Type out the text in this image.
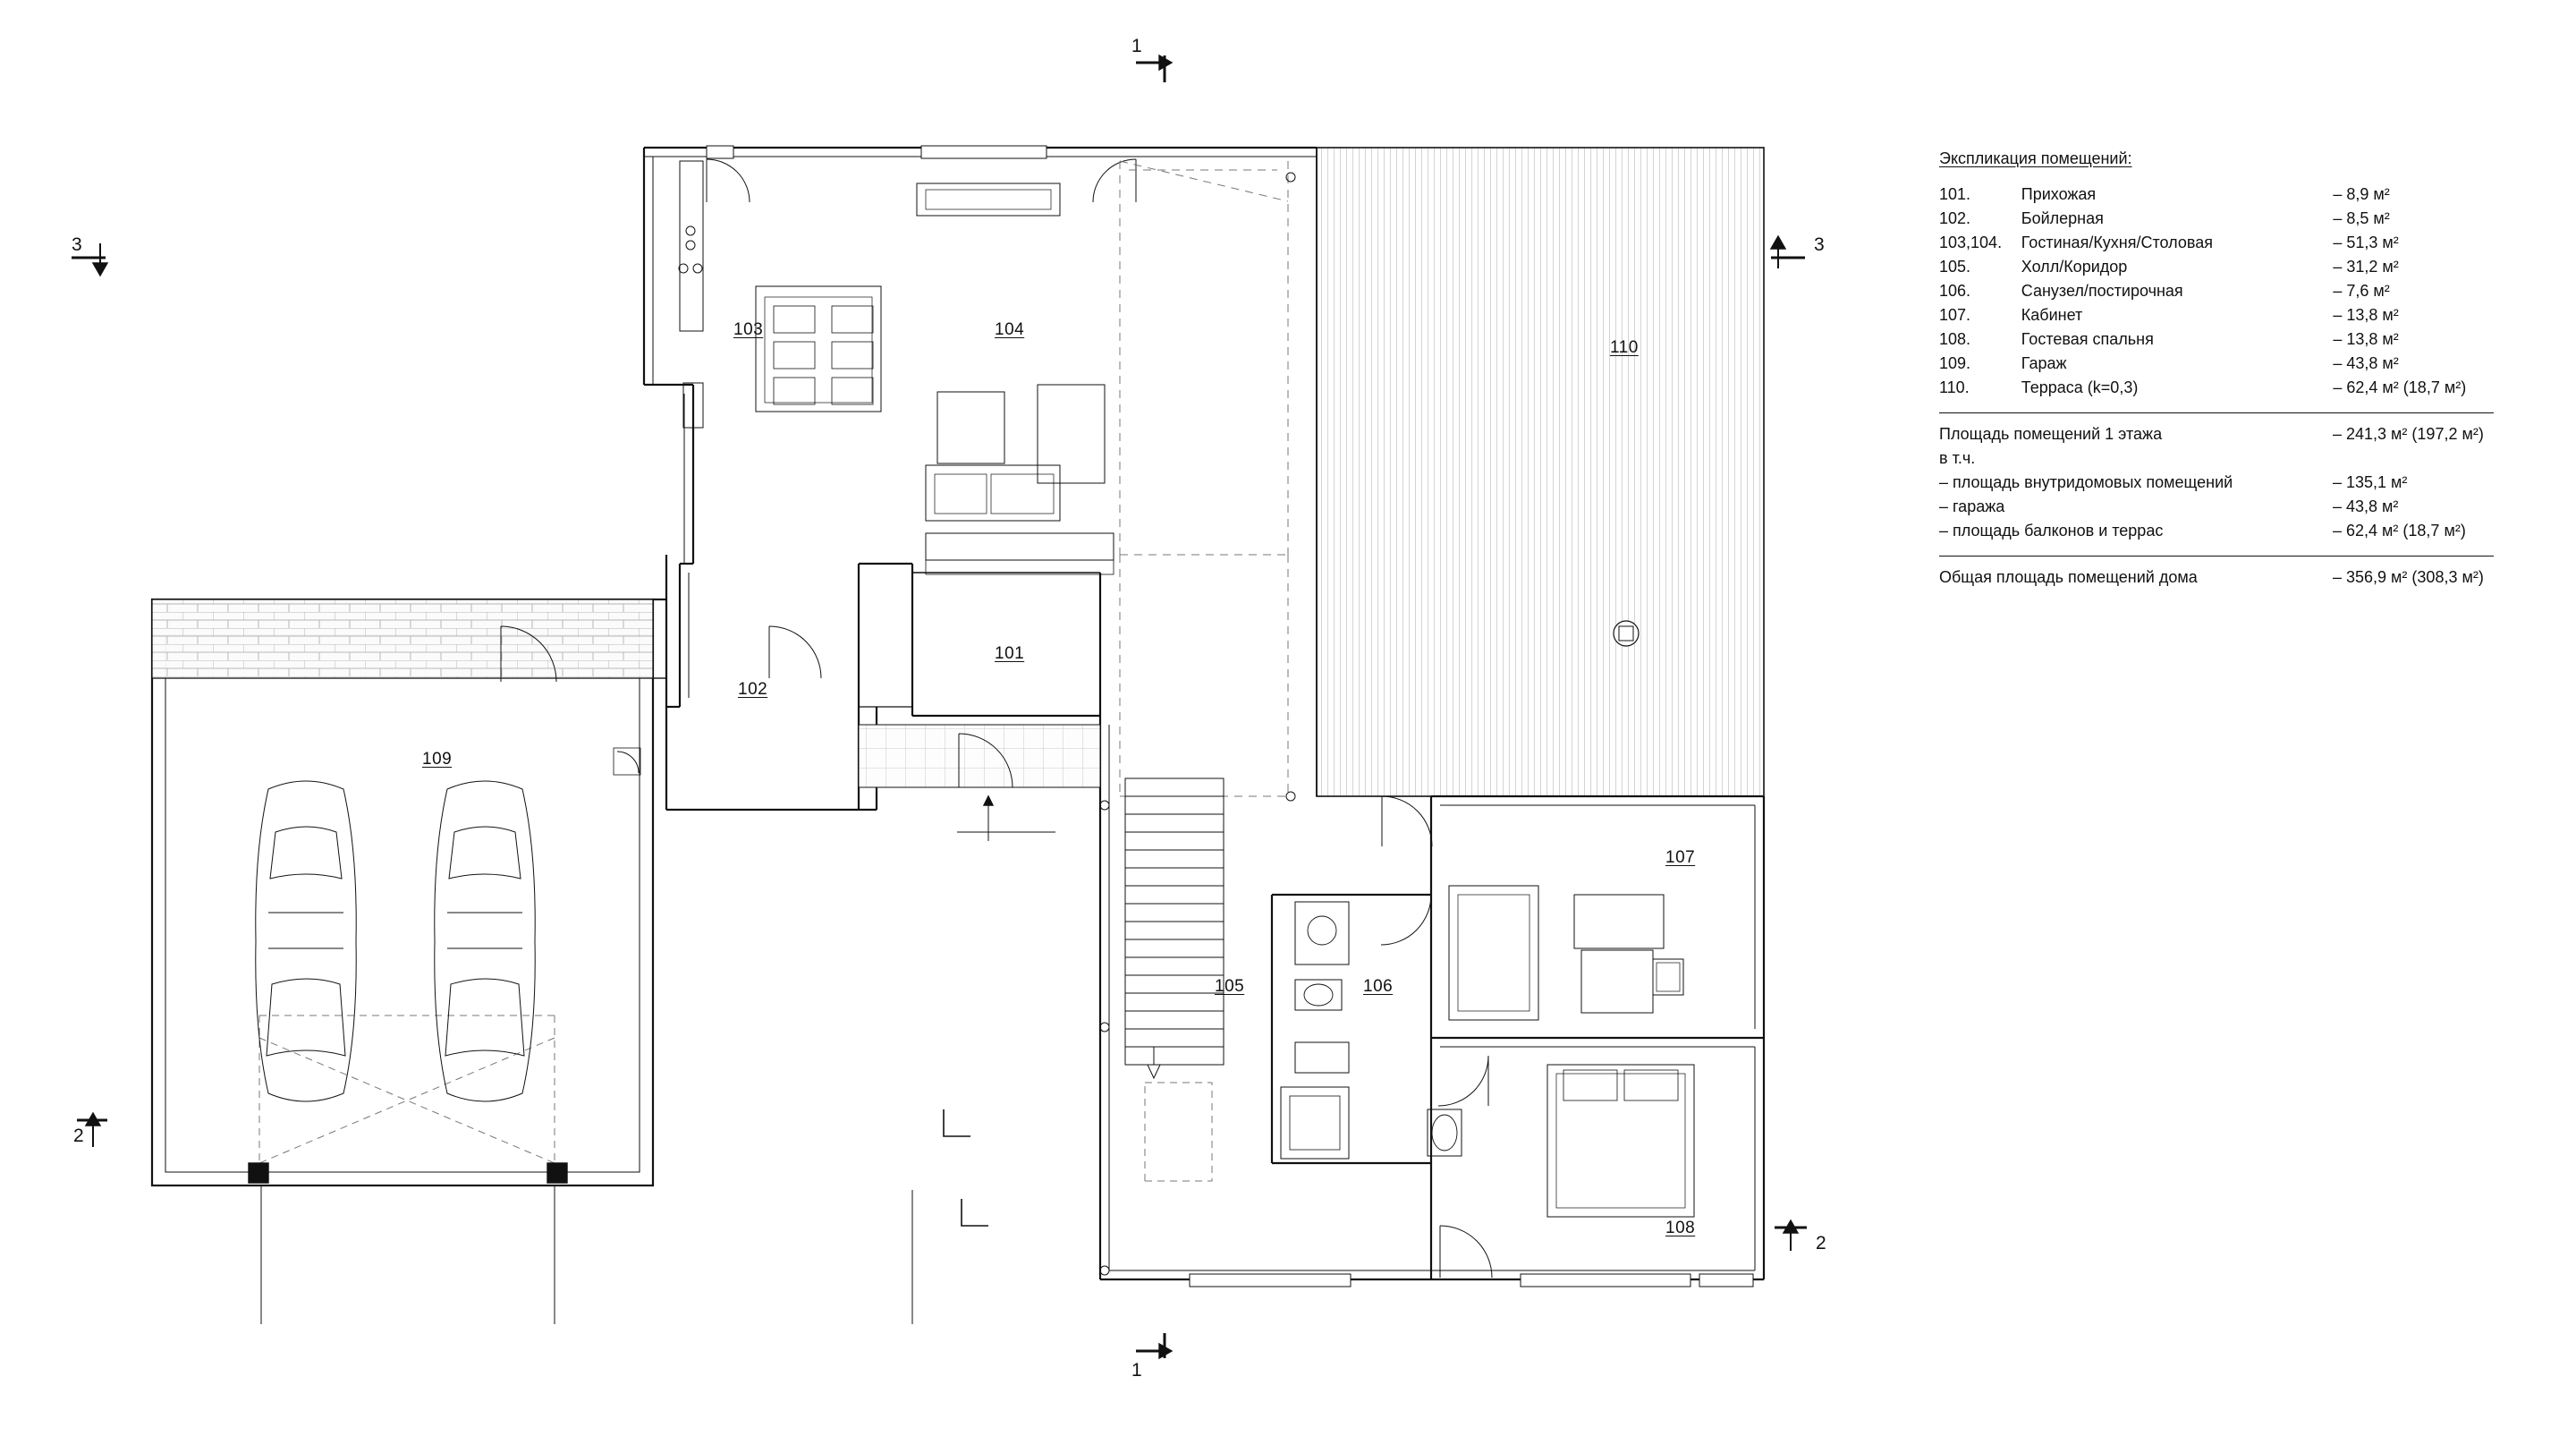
103	104
110
101
102
109
107
105	106
108
1
3	3
2
2
1
Экспликация помещений:
101.	Прихожая	– 8,9 м²
102.	Бойлерная	– 8,5 м²
103,104.	Гостиная/Кухня/Столовая	– 51,3 м²
105.	Холл/Коридор	– 31,2 м²
106.	Санузел/постирочная	– 7,6 м²
107.	Кабинет	– 13,8 м²
108.	Гостевая спальня	– 13,8 м²
109.	Гараж	– 43,8 м²
110.	Терраса (k=0,3)	– 62,4 м² (18,7 м²)
Площадь помещений 1 этажа	– 241,3 м² (197,2 м²)
в т.ч.	
– площадь внутридомовых помещений	– 135,1 м²
– гаража	– 43,8 м²
– площадь балконов и террас	– 62,4 м² (18,7 м²)
Общая площадь помещений дома	– 356,9 м² (308,3 м²)
